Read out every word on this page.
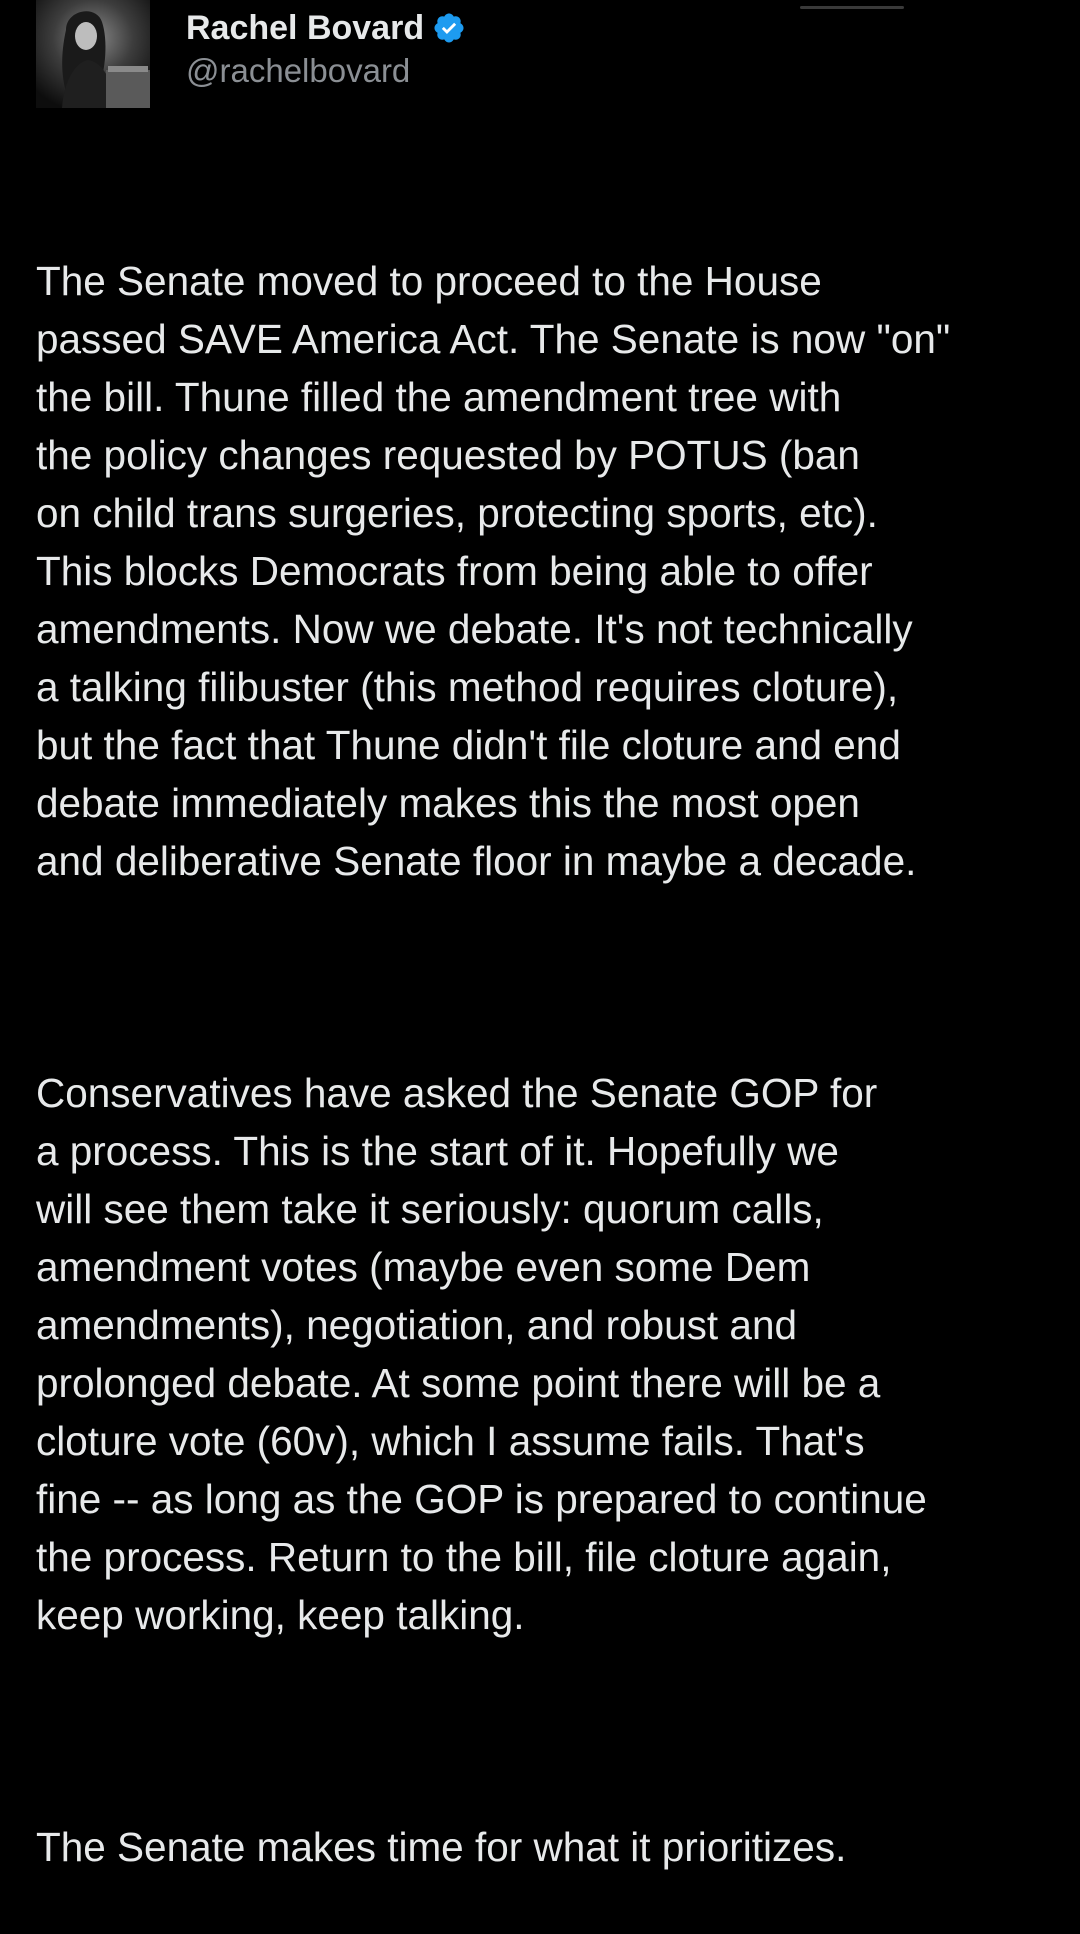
Rachel Bovard
@rachelbovard

The Senate moved to proceed to the House
passed SAVE America Act. The Senate is now "on"
the bill. Thune filled the amendment tree with
the policy changes requested by POTUS (ban
on child trans surgeries, protecting sports, etc).
This blocks Democrats from being able to offer
amendments. Now we debate. It's not technically
a talking filibuster (this method requires cloture),
but the fact that Thune didn't file cloture and end
debate immediately makes this the most open
and deliberative Senate floor in maybe a decade.

Conservatives have asked the Senate GOP for
a process. This is the start of it. Hopefully we
will see them take it seriously: quorum calls,
amendment votes (maybe even some Dem
amendments), negotiation, and robust and
prolonged debate. At some point there will be a
cloture vote (60v), which I assume fails. That's
fine -- as long as the GOP is prepared to continue
the process. Return to the bill, file cloture again,
keep working, keep talking.

The Senate makes time for what it prioritizes.
